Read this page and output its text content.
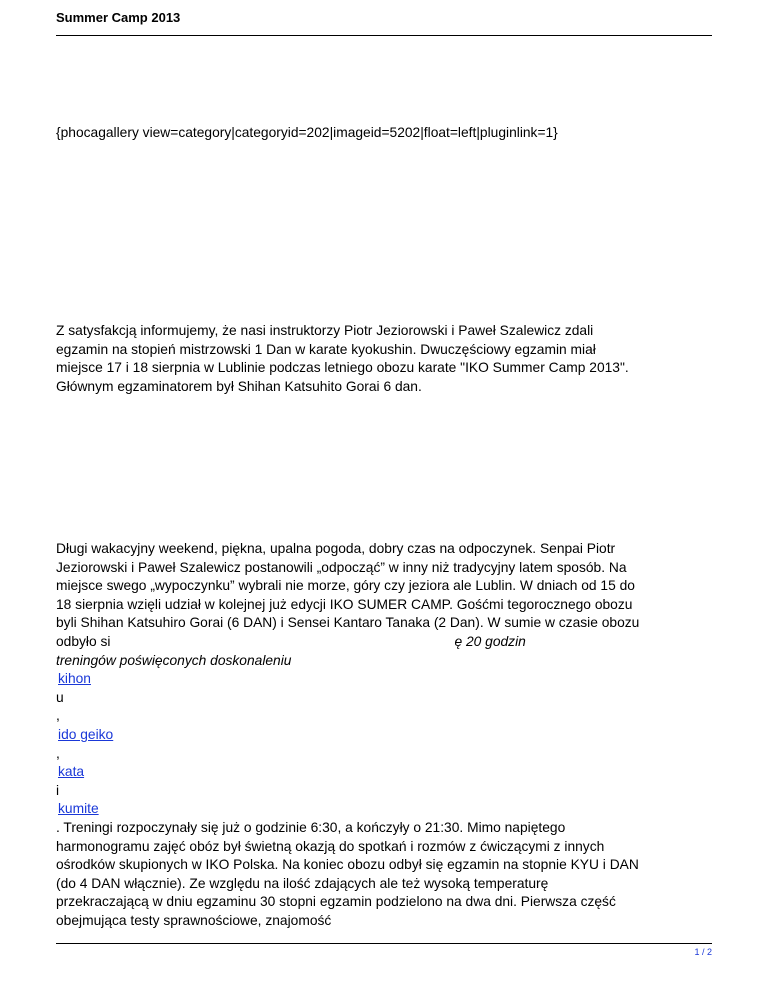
Summer Camp 2013
{phocagallery view=category|categoryid=202|imageid=5202|float=left|pluginlink=1}
Z satysfakcją informujemy, że nasi instruktorzy Piotr Jeziorowski i Paweł Szalewicz zdali
egzamin na stopień mistrzowski 1 Dan w karate kyokushin. Dwuczęściowy egzamin miał
miejsce 17 i 18 sierpnia w Lublinie podczas letniego obozu karate "IKO Summer Camp 2013".
Głównym egzaminatorem był Shihan Katsuhito Gorai 6 dan.
Długi wakacyjny weekend, piękna, upalna pogoda, dobry czas na odpoczynek. Senpai Piotr
Jeziorowski i Paweł Szalewicz postanowili „odpocząć” w inny niż tradycyjny latem sposób. Na
miejsce swego „wypoczynku” wybrali nie morze, góry czy jeziora ale Lublin. W dniach od 15 do
18 sierpnia wzięli udział w kolejnej już edycji IKO SUMER CAMP. Gośćmi tegorocznego obozu
byli Shihan Katsuhiro Gorai (6 DAN) i Sensei Kantaro Tanaka (2 Dan). W sumie w czasie obozu
odbyło si	ę 20 godzin
treningów poświęconych doskonaleniu
kihon
u
,
ido geiko
,
kata
i
kumite
. Treningi rozpoczynały się już o godzinie 6:30, a kończyły o 21:30. Mimo napiętego
harmonogramu zajęć obóz był świetną okazją do spotkań i rozmów z ćwiczącymi z innych
ośrodków skupionych w IKO Polska. Na koniec obozu odbył się egzamin na stopnie KYU i DAN
(do 4 DAN włącznie). Ze względu na ilość zdających ale też wysoką temperaturę
przekraczającą w dniu egzaminu 30 stopni egzamin podzielono na dwa dni. Pierwsza część
obejmująca testy sprawnościowe, znajomość
1 / 2
